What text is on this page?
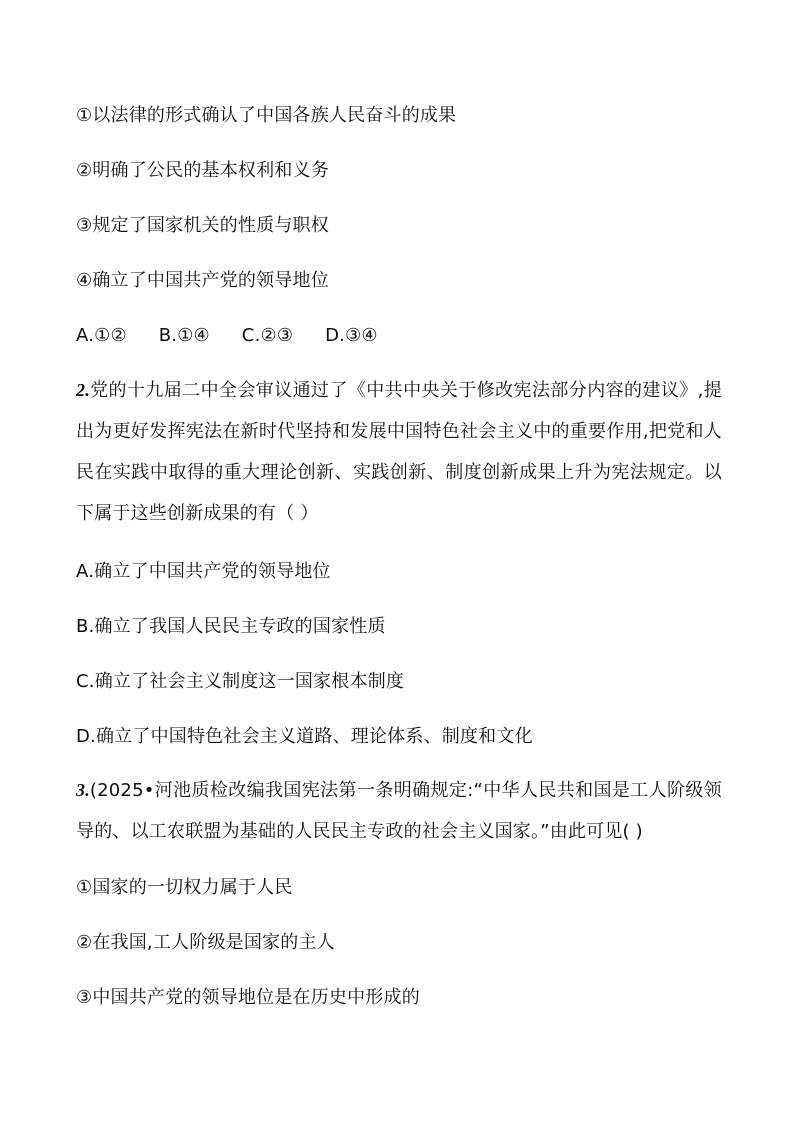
①以法律的形式确认了中国各族人民奋斗的成果
②明确了公民的基本权利和义务
③规定了国家机关的性质与职权
④确立了中国共产党的领导地位
A.①② B.①④ C.②③ D.③④
2.党的十九届二中全会审议通过了《中共中央关于修改宪法部分内容的建议》,提出为更好发挥宪法在新时代坚持和发展中国特色社会主义中的重要作用,把党和人民在实践中取得的重大理论创新、实践创新、制度创新成果上升为宪法规定。以下属于这些创新成果的有（ ）
A.确立了中国共产党的领导地位
B.确立了我国人民民主专政的国家性质
C.确立了社会主义制度这一国家根本制度
D.确立了中国特色社会主义道路、理论体系、制度和文化
3.(2025•河池质检改编我国宪法第一条明确规定:“中华人民共和国是工人阶级领导的、以工农联盟为基础的人民民主专政的社会主义国家。”由此可见( )
①国家的一切权力属于人民
②在我国,工人阶级是国家的主人
③中国共产党的领导地位是在历史中形成的
